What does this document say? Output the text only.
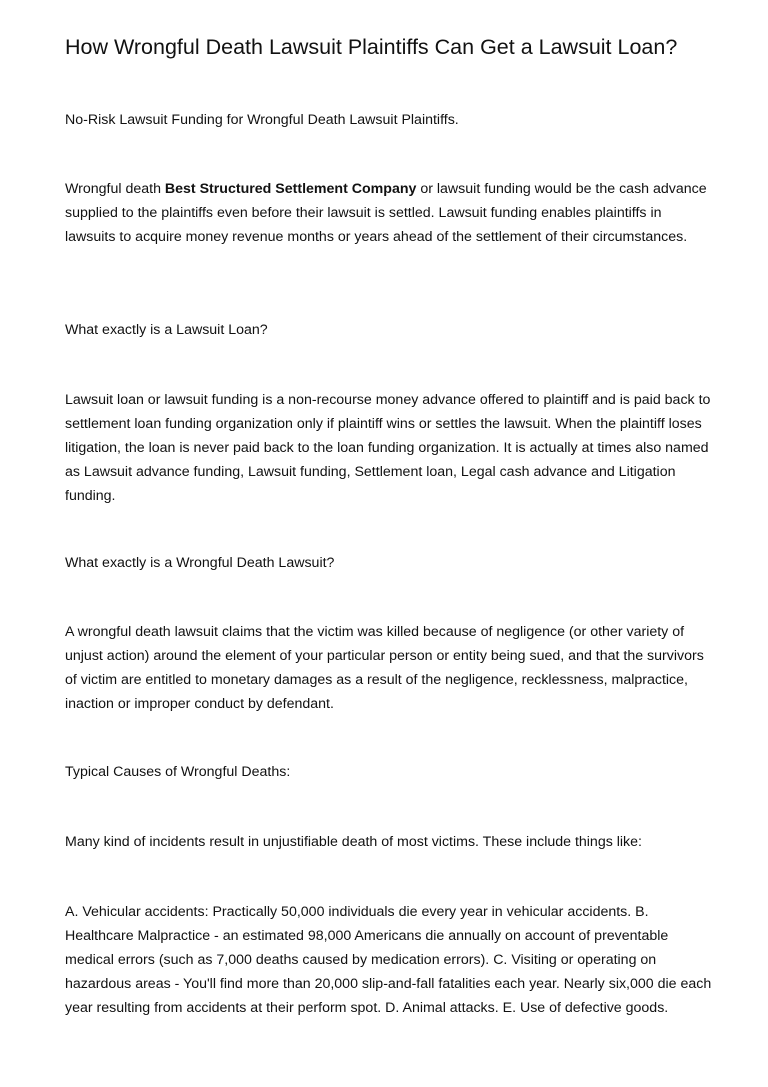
How Wrongful Death Lawsuit Plaintiffs Can Get a Lawsuit Loan?

No-Risk Lawsuit Funding for Wrongful Death Lawsuit Plaintiffs.

Wrongful death Best Structured Settlement Company or lawsuit funding would be the cash advance supplied to the plaintiffs even before their lawsuit is settled. Lawsuit funding enables plaintiffs in lawsuits to acquire money revenue months or years ahead of the settlement of their circumstances.

What exactly is a Lawsuit Loan?

Lawsuit loan or lawsuit funding is a non-recourse money advance offered to plaintiff and is paid back to settlement loan funding organization only if plaintiff wins or settles the lawsuit. When the plaintiff loses litigation, the loan is never paid back to the loan funding organization. It is actually at times also named as Lawsuit advance funding, Lawsuit funding, Settlement loan, Legal cash advance and Litigation funding.

What exactly is a Wrongful Death Lawsuit?

A wrongful death lawsuit claims that the victim was killed because of negligence (or other variety of unjust action) around the element of your particular person or entity being sued, and that the survivors of victim are entitled to monetary damages as a result of the negligence, recklessness, malpractice, inaction or improper conduct by defendant.

Typical Causes of Wrongful Deaths:

Many kind of incidents result in unjustifiable death of most victims. These include things like:

A. Vehicular accidents: Practically 50,000 individuals die every year in vehicular accidents. B. Healthcare Malpractice - an estimated 98,000 Americans die annually on account of preventable medical errors (such as 7,000 deaths caused by medication errors). C. Visiting or operating on hazardous areas - You'll find more than 20,000 slip-and-fall fatalities each year. Nearly six,000 die each year resulting from accidents at their perform spot. D. Animal attacks. E. Use of defective goods.
